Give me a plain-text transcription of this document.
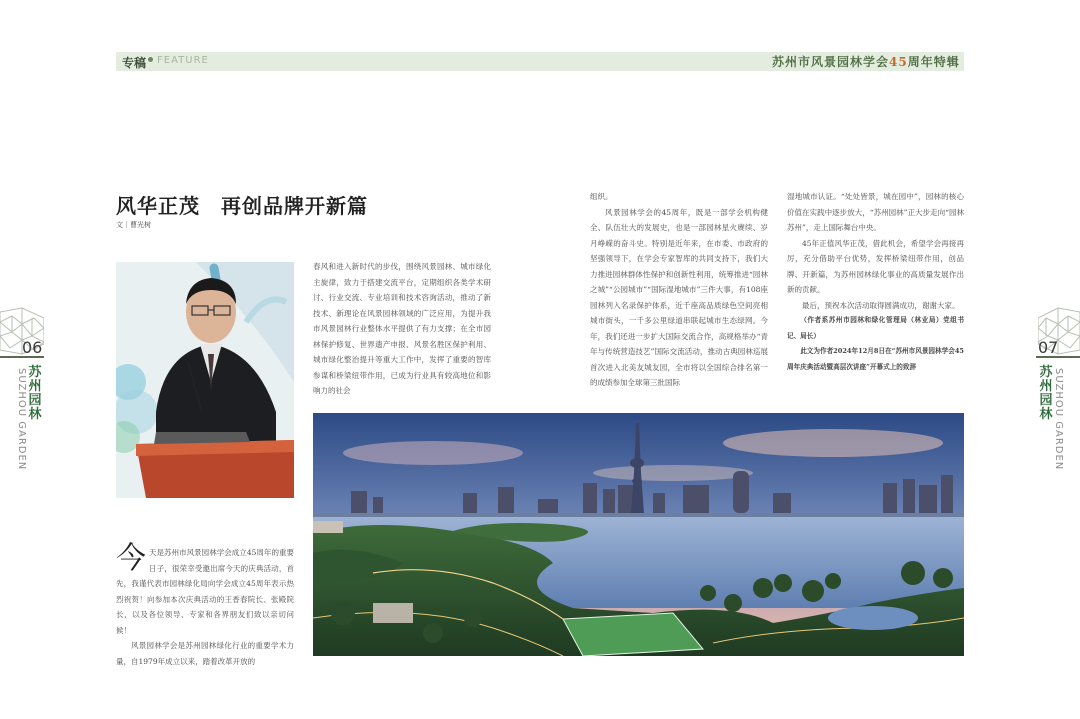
专稿 FEATURE	苏州市风景园林学会45周年特辑
06
苏州园林
SUZHOU GARDEN
07
苏州园林 SUZHOU GARDEN
风华正茂　再创品牌开新篇
文｜曹光树

今天是苏州市风景园林学会成立45周年的重要日子，很荣幸受邀出席今天的庆典活动，首先，我谨代表市园林绿化局向学会成立45周年表示热烈祝贺！向参加本次庆典活动的王香春院长、张殿院长，以及各位领导、专家和各界朋友们致以亲切问候！

风景园林学会是苏州园林绿化行业的重要学术力量，自1979年成立以来，踏着改革开放的

春风和进入新时代的步伐，围绕风景园林、城市绿化主旋律，致力于搭建交流平台，定期组织各类学术研讨、行业交流、专业培训和技术咨询活动，推动了新技术、新理论在风景园林领域的广泛应用，为提升我市风景园林行业整体水平提供了有力支撑；在全市园林保护修复、世界遗产申报、风景名胜区保护利用、城市绿化整治提升等重大工作中，发挥了重要的智库参谋和桥梁纽带作用，已成为行业具有较高地位和影响力的社会

组织。

风景园林学会的45周年，既是一部学会机构健全、队伍壮大的发展史，也是一部园林星火赓续、岁月峥嵘的奋斗史。特别是近年来，在市委、市政府的坚强领导下，在学会专家智库的共同支持下，我们大力推进园林群体性保护和创新性利用，统筹推进“园林之城”“公园城市”“国际湿地城市”三件大事，有108座园林列入名录保护体系，近千座高品质绿色空间亮相城市街头，一千多公里绿道串联起城市生态绿网。今年，我们还进一步扩大国际交流合作，高规格举办“青年与传统营造技艺”国际交流活动，推动古典园林巡展首次进入北美友城友园，全市将以全国综合排名第一的成绩参加全球第三批国际

湿地城市认证。“处处皆景，城在园中”，园林的核心价值在实践中逐步放大，“苏州园林”正大步走向“园林苏州”，走上国际舞台中央。

45年正值风华正茂，借此机会，希望学会再接再厉，充分借助平台优势，发挥桥梁纽带作用，创品牌、开新篇，为苏州园林绿化事业的高质量发展作出新的贡献。

最后，预祝本次活动取得圆满成功，谢谢大家。

（作者系苏州市园林和绿化管理局（林业局）党组书记、局长）

此文为作者2024年12月8日在“苏州市风景园林学会45周年庆典活动暨高层次讲座”开幕式上的致辞
